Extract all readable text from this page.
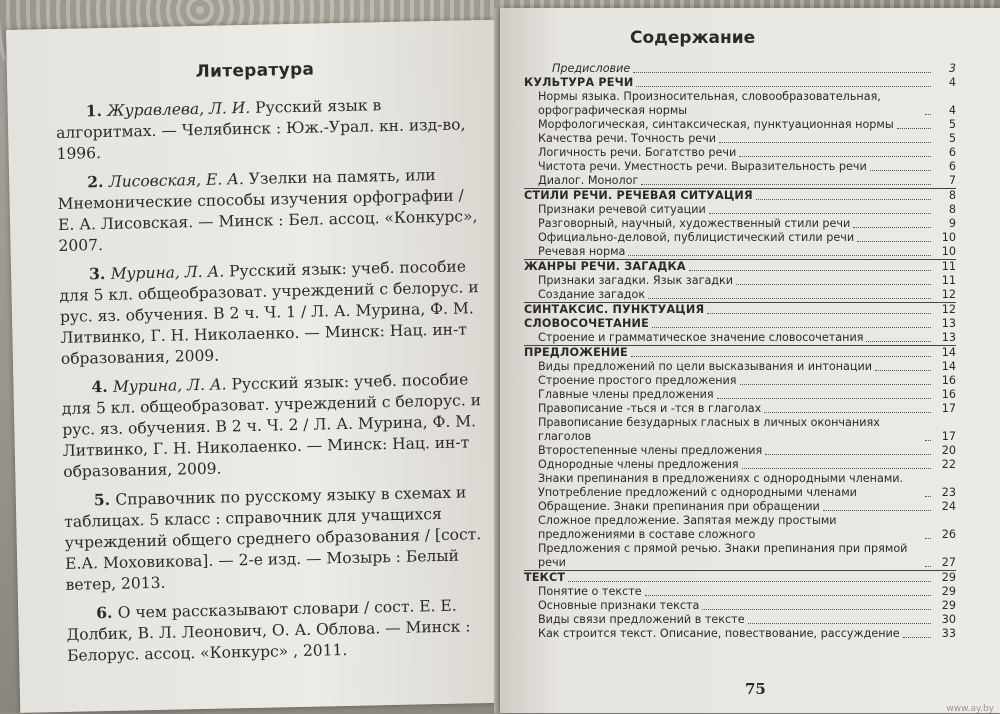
Литература
1. Журавлева, Л. И. Русский язык в алгоритмах. — Челябинск : Юж.-Урал. кн. изд-во, 1996.
2. Лисовская, Е. А. Узелки на память, или Мнемонические способы изучения орфографии / Е. А. Лисовская. — Минск : Бел. ассоц. «Конкурс», 2007.
3. Мурина, Л. А. Русский язык: учеб. пособие для 5 кл. общеобразоват. учреждений с белорус. и рус. яз. обучения. В 2 ч. Ч. 1 / Л. А. Мурина, Ф. М. Литвинко, Г. Н. Николаенко. — Минск: Нац. ин-т образования, 2009.
4. Мурина, Л. А. Русский язык: учеб. пособие для 5 кл. общеобразоват. учреждений с белорус. и рус. яз. обучения. В 2 ч. Ч. 2 / Л. А. Мурина, Ф. М. Литвинко, Г. Н. Николаенко. — Минск: Нац. ин-т образования, 2009.
5. Справочник по русскому языку в схемах и таблицах. 5 класс : справочник для учащихся учреждений общего среднего образования / [сост. Е.А. Моховикова]. — 2-е изд. — Мозырь : Белый ветер, 2013.
6. О чем рассказывают словари / сост. Е. Е. Долбик, В. Л. Леонович, О. А. Облова. — Минск : Белорус. ассоц. «Конкурс» , 2011.
Содержание
Предисловие	3
КУЛЬТУРА РЕЧИ	4
Нормы языка. Произносительная, словообразовательная, орфографическая нормы	4
Морфологическая, синтаксическая, пунктуационная нормы	5
Качества речи. Точность речи	5
Логичность речи. Богатство речи	6
Чистота речи. Уместность речи. Выразительность речи	6
Диалог. Монолог	7
СТИЛИ РЕЧИ. РЕЧЕВАЯ СИТУАЦИЯ	8
Признаки речевой ситуации	8
Разговорный, научный, художественный стили речи	9
Официально-деловой, публицистический стили речи	10
Речевая норма	10
ЖАНРЫ РЕЧИ. ЗАГАДКА	11
Признаки загадки. Язык загадки	11
Создание загадок	12
СИНТАКСИС. ПУНКТУАЦИЯ	12
СЛОВОСОЧЕТАНИЕ	13
Строение и грамматическое значение словосочетания	13
ПРЕДЛОЖЕНИЕ	14
Виды предложений по цели высказывания и интонации	14
Строение простого предложения	16
Главные члены предложения	16
Правописание -ться и -тся в глаголах	17
Правописание безударных гласных в личных окончаниях глаголов	17
Второстепенные члены предложения	20
Однородные члены предложения	22
Знаки препинания в предложениях с однородными членами. Употребление предложений с однородными членами	23
Обращение. Знаки препинания при обращении	24
Сложное предложение. Запятая между простыми предложениями в составе сложного	26
Предложения с прямой речью. Знаки препинания при прямой речи	27
ТЕКСТ	29
Понятие о тексте	29
Основные признаки текста	29
Виды связи предложений в тексте	30
Как строится текст. Описание, повествование, рассуждение	33
75
www.ay.by
